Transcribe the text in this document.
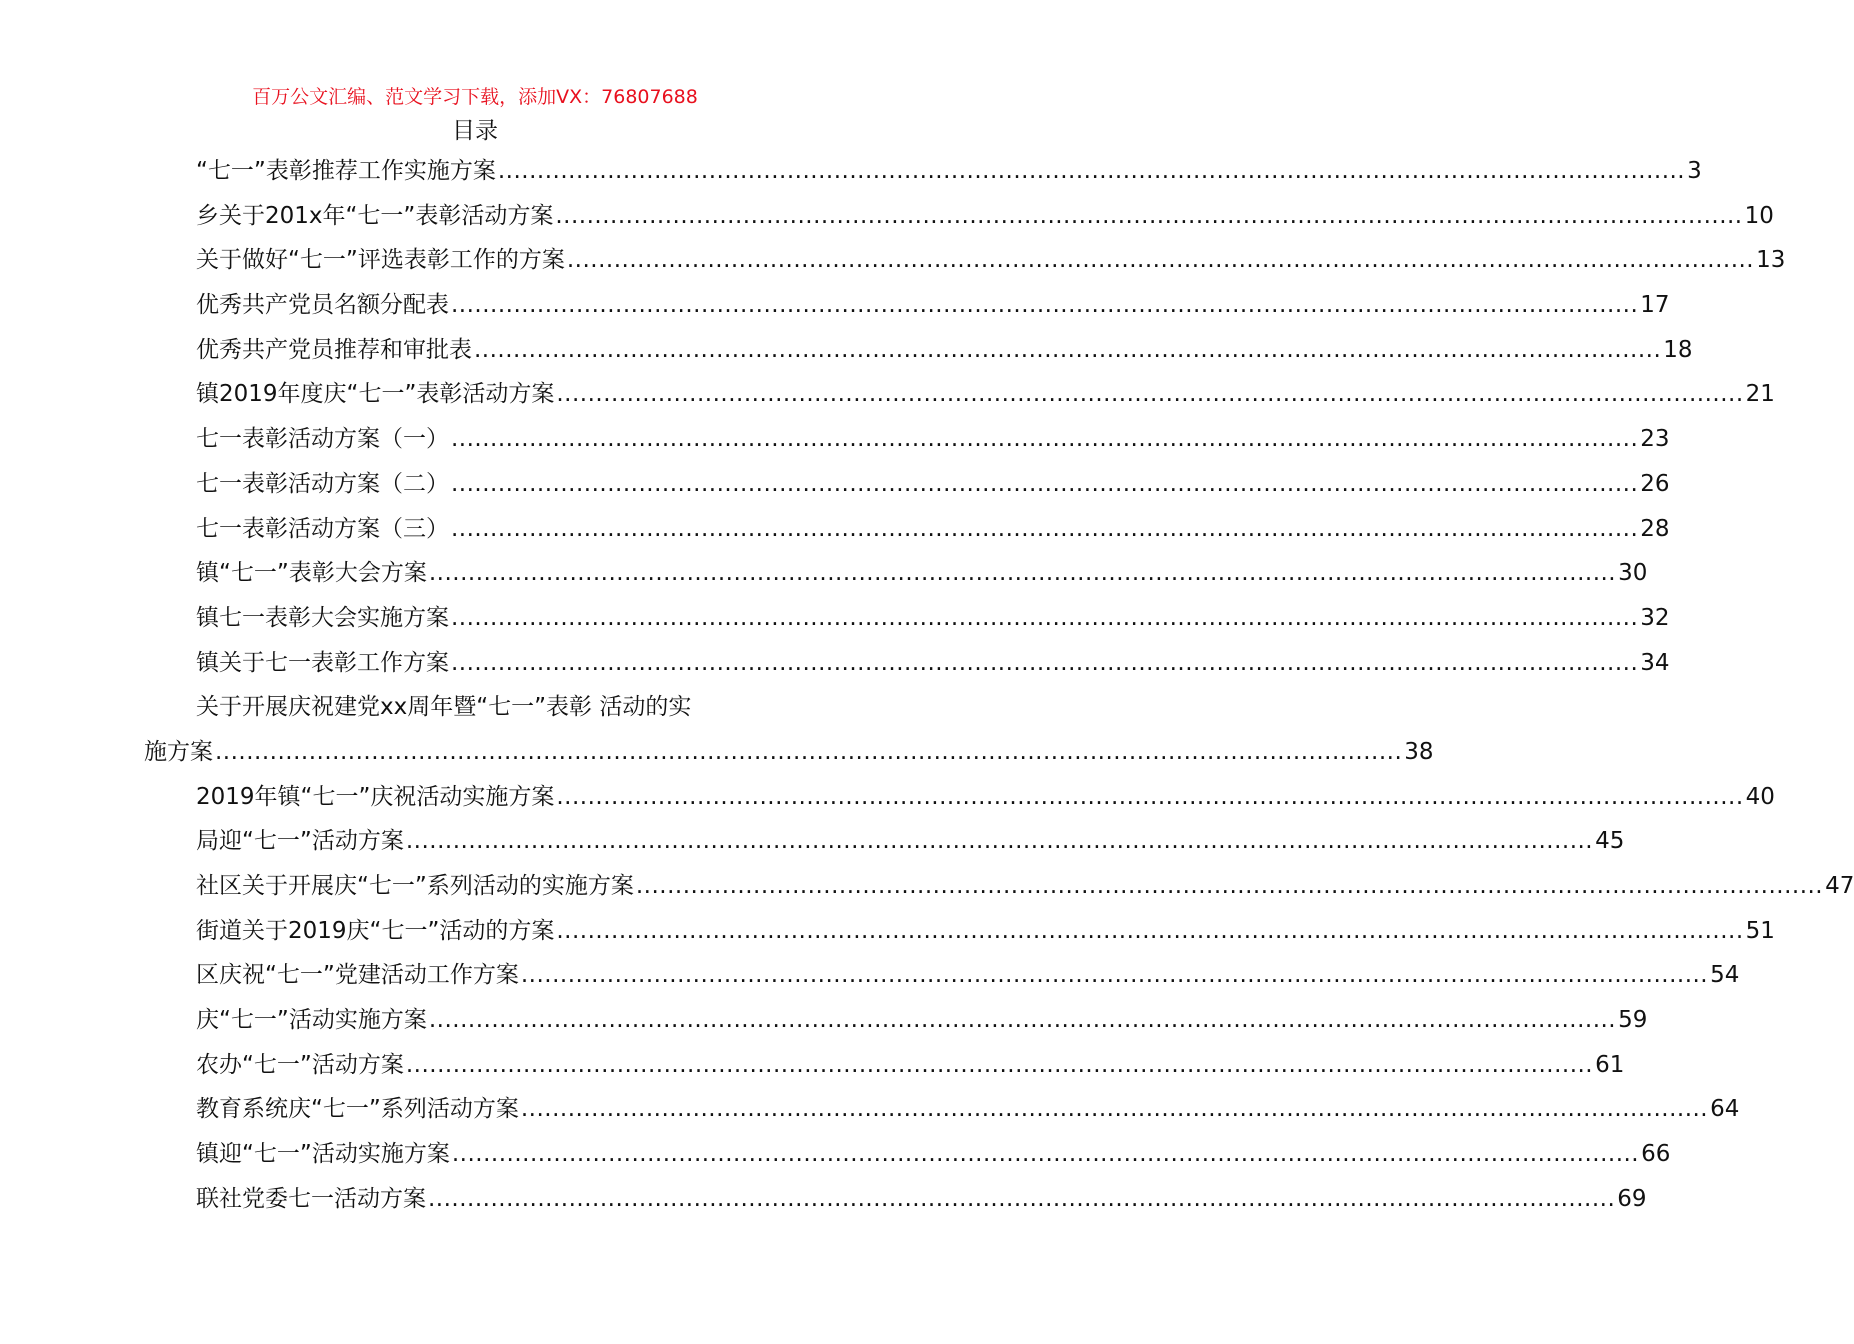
百万公文汇编、范文学习下载，添加VX：76807688
目录
“七一”表彰推荐工作实施方案 ........................................................................................................................................................ 3
乡关于201x年“七一”表彰活动方案 ........................................................................................................................................................ 10
关于做好“七一”评选表彰工作的方案 ........................................................................................................................................................ 13
优秀共产党员名额分配表 ........................................................................................................................................................ 17
优秀共产党员推荐和审批表 ........................................................................................................................................................ 18
镇2019年度庆“七一”表彰活动方案 ........................................................................................................................................................ 21
七一表彰活动方案（一） ........................................................................................................................................................ 23
七一表彰活动方案（二） ........................................................................................................................................................ 26
七一表彰活动方案（三） ........................................................................................................................................................ 28
镇“七一”表彰大会方案 ........................................................................................................................................................ 30
镇七一表彰大会实施方案 ........................................................................................................................................................ 32
镇关于七一表彰工作方案 ........................................................................................................................................................ 34
关于开展庆祝建党xx周年暨“七一”表彰 活动的实
施方案 ........................................................................................................................................................ 38
2019年镇“七一”庆祝活动实施方案 ........................................................................................................................................................ 40
局迎“七一”活动方案 ........................................................................................................................................................ 45
社区关于开展庆“七一”系列活动的实施方案 ........................................................................................................................................................ 47
街道关于2019庆“七一”活动的方案 ........................................................................................................................................................ 51
区庆祝“七一”党建活动工作方案 ........................................................................................................................................................ 54
庆“七一”活动实施方案 ........................................................................................................................................................ 59
农办“七一”活动方案 ........................................................................................................................................................ 61
教育系统庆“七一”系列活动方案 ........................................................................................................................................................ 64
镇迎“七一”活动实施方案 ........................................................................................................................................................ 66
联社党委七一活动方案 ........................................................................................................................................................ 69
